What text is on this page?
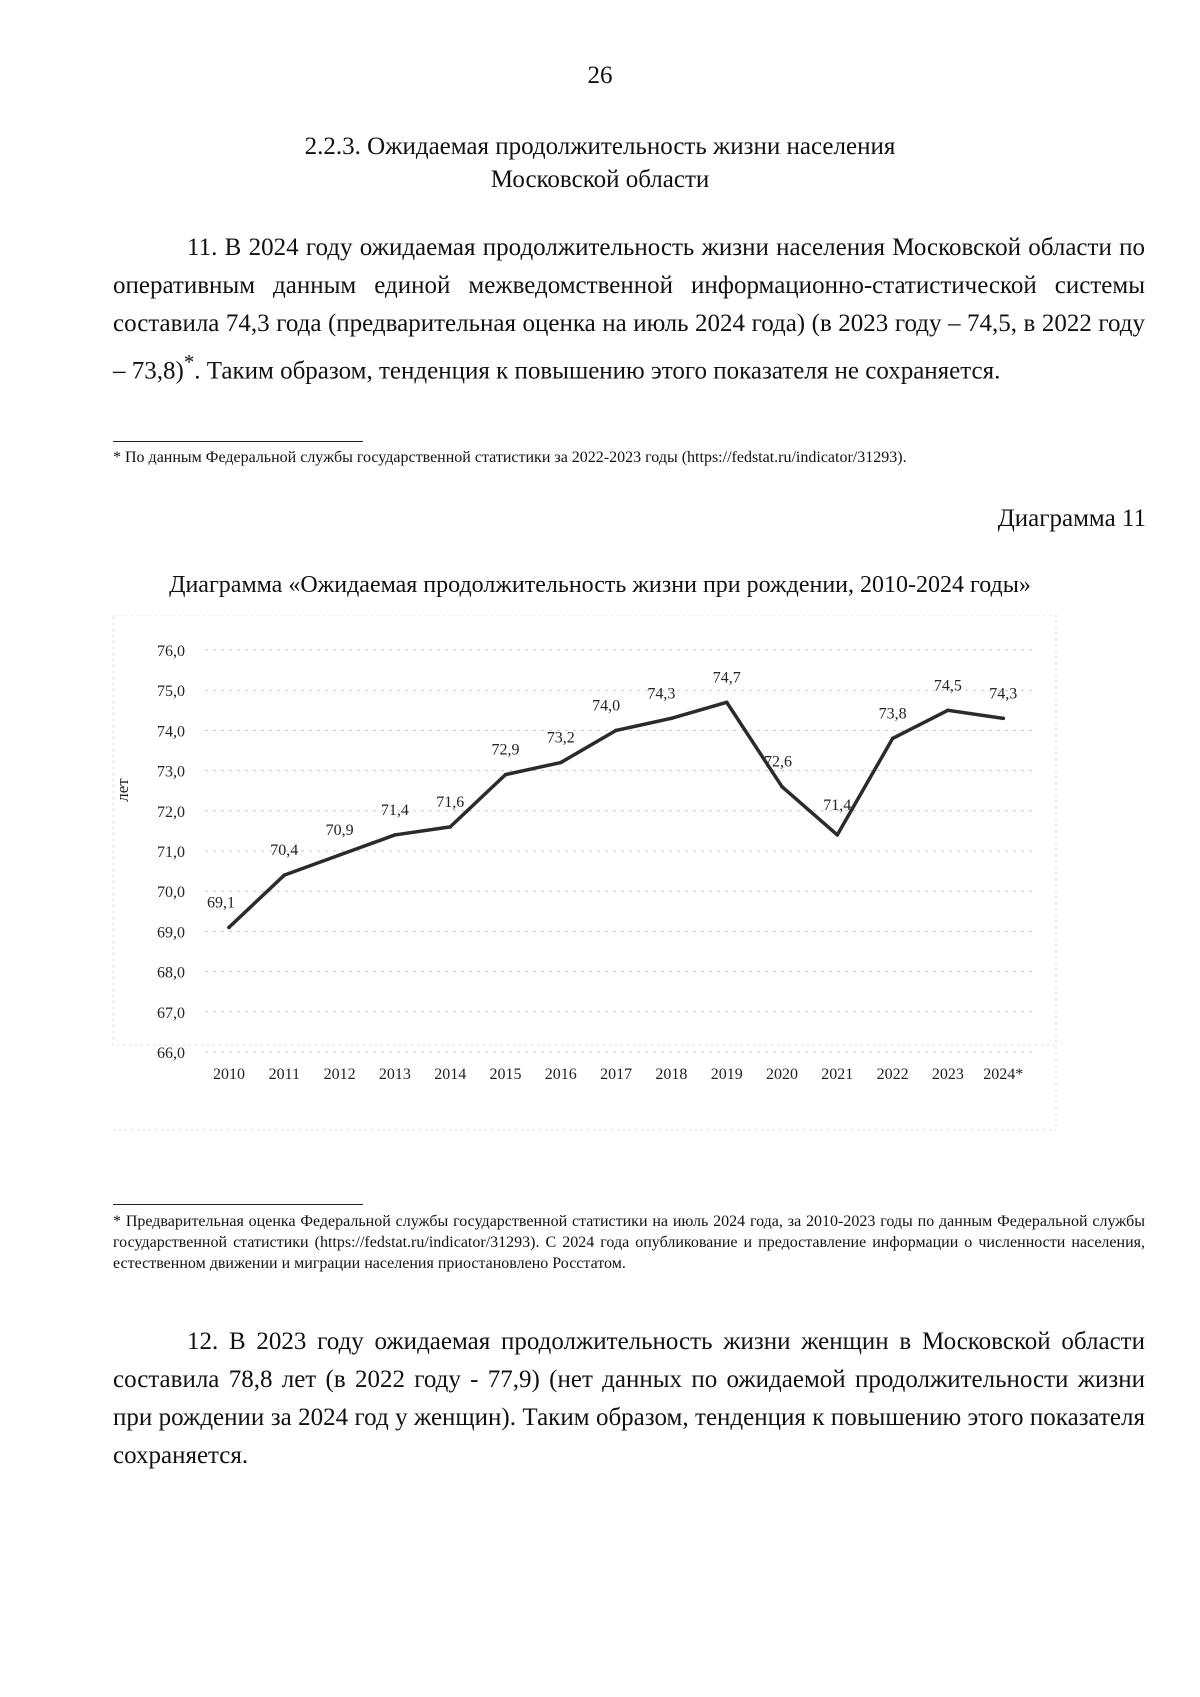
26
2.2.3. Ожидаемая продолжительность жизни населения
Московской области

11. В 2024 году ожидаемая продолжительность жизни населения Московской области по оперативным данным единой межведомственной информационно-статистической системы составила 74,3 года (предварительная оценка на июль 2024 года) (в 2023 году – 74,5, в 2022 году – 73,8)*. Таким образом, тенденция к повышению этого показателя не сохраняется.

* По данным Федеральной службы государственной статистики за 2022-2023 годы (https://fedstat.ru/indicator/31293).
Диаграмма 11
Диаграмма «Ожидаемая продолжительность жизни при рождении, 2010-2024 годы»
66,0
67,0
68,0
69,0
70,0
71,0
72,0
73,0
74,0
75,0
76,0
2010 2011 2012 2013 2014 2015 2016 2017 2018 2019 2020 2021 2022 2023 2024*
69,1
70,4
70,9
71,4 71,6
72,9
73,2
74,0
74,3
74,7
72,6
71,4
73,8
74,5 74,3
лет
* Предварительная оценка Федеральной службы государственной статистики на июль 2024 года, за 2010-2023 годы по данным Федеральной службы государственной статистики (https://fedstat.ru/indicator/31293). С 2024 года опубликование и предоставление информации о численности населения, естественном движении и миграции населения приостановлено Росстатом.

12. В 2023 году ожидаемая продолжительность жизни женщин в Московской области составила 78,8 лет (в 2022 году - 77,9) (нет данных по ожидаемой продолжительности жизни при рождении за 2024 год у женщин). Таким образом, тенденция к повышению этого показателя сохраняется.
